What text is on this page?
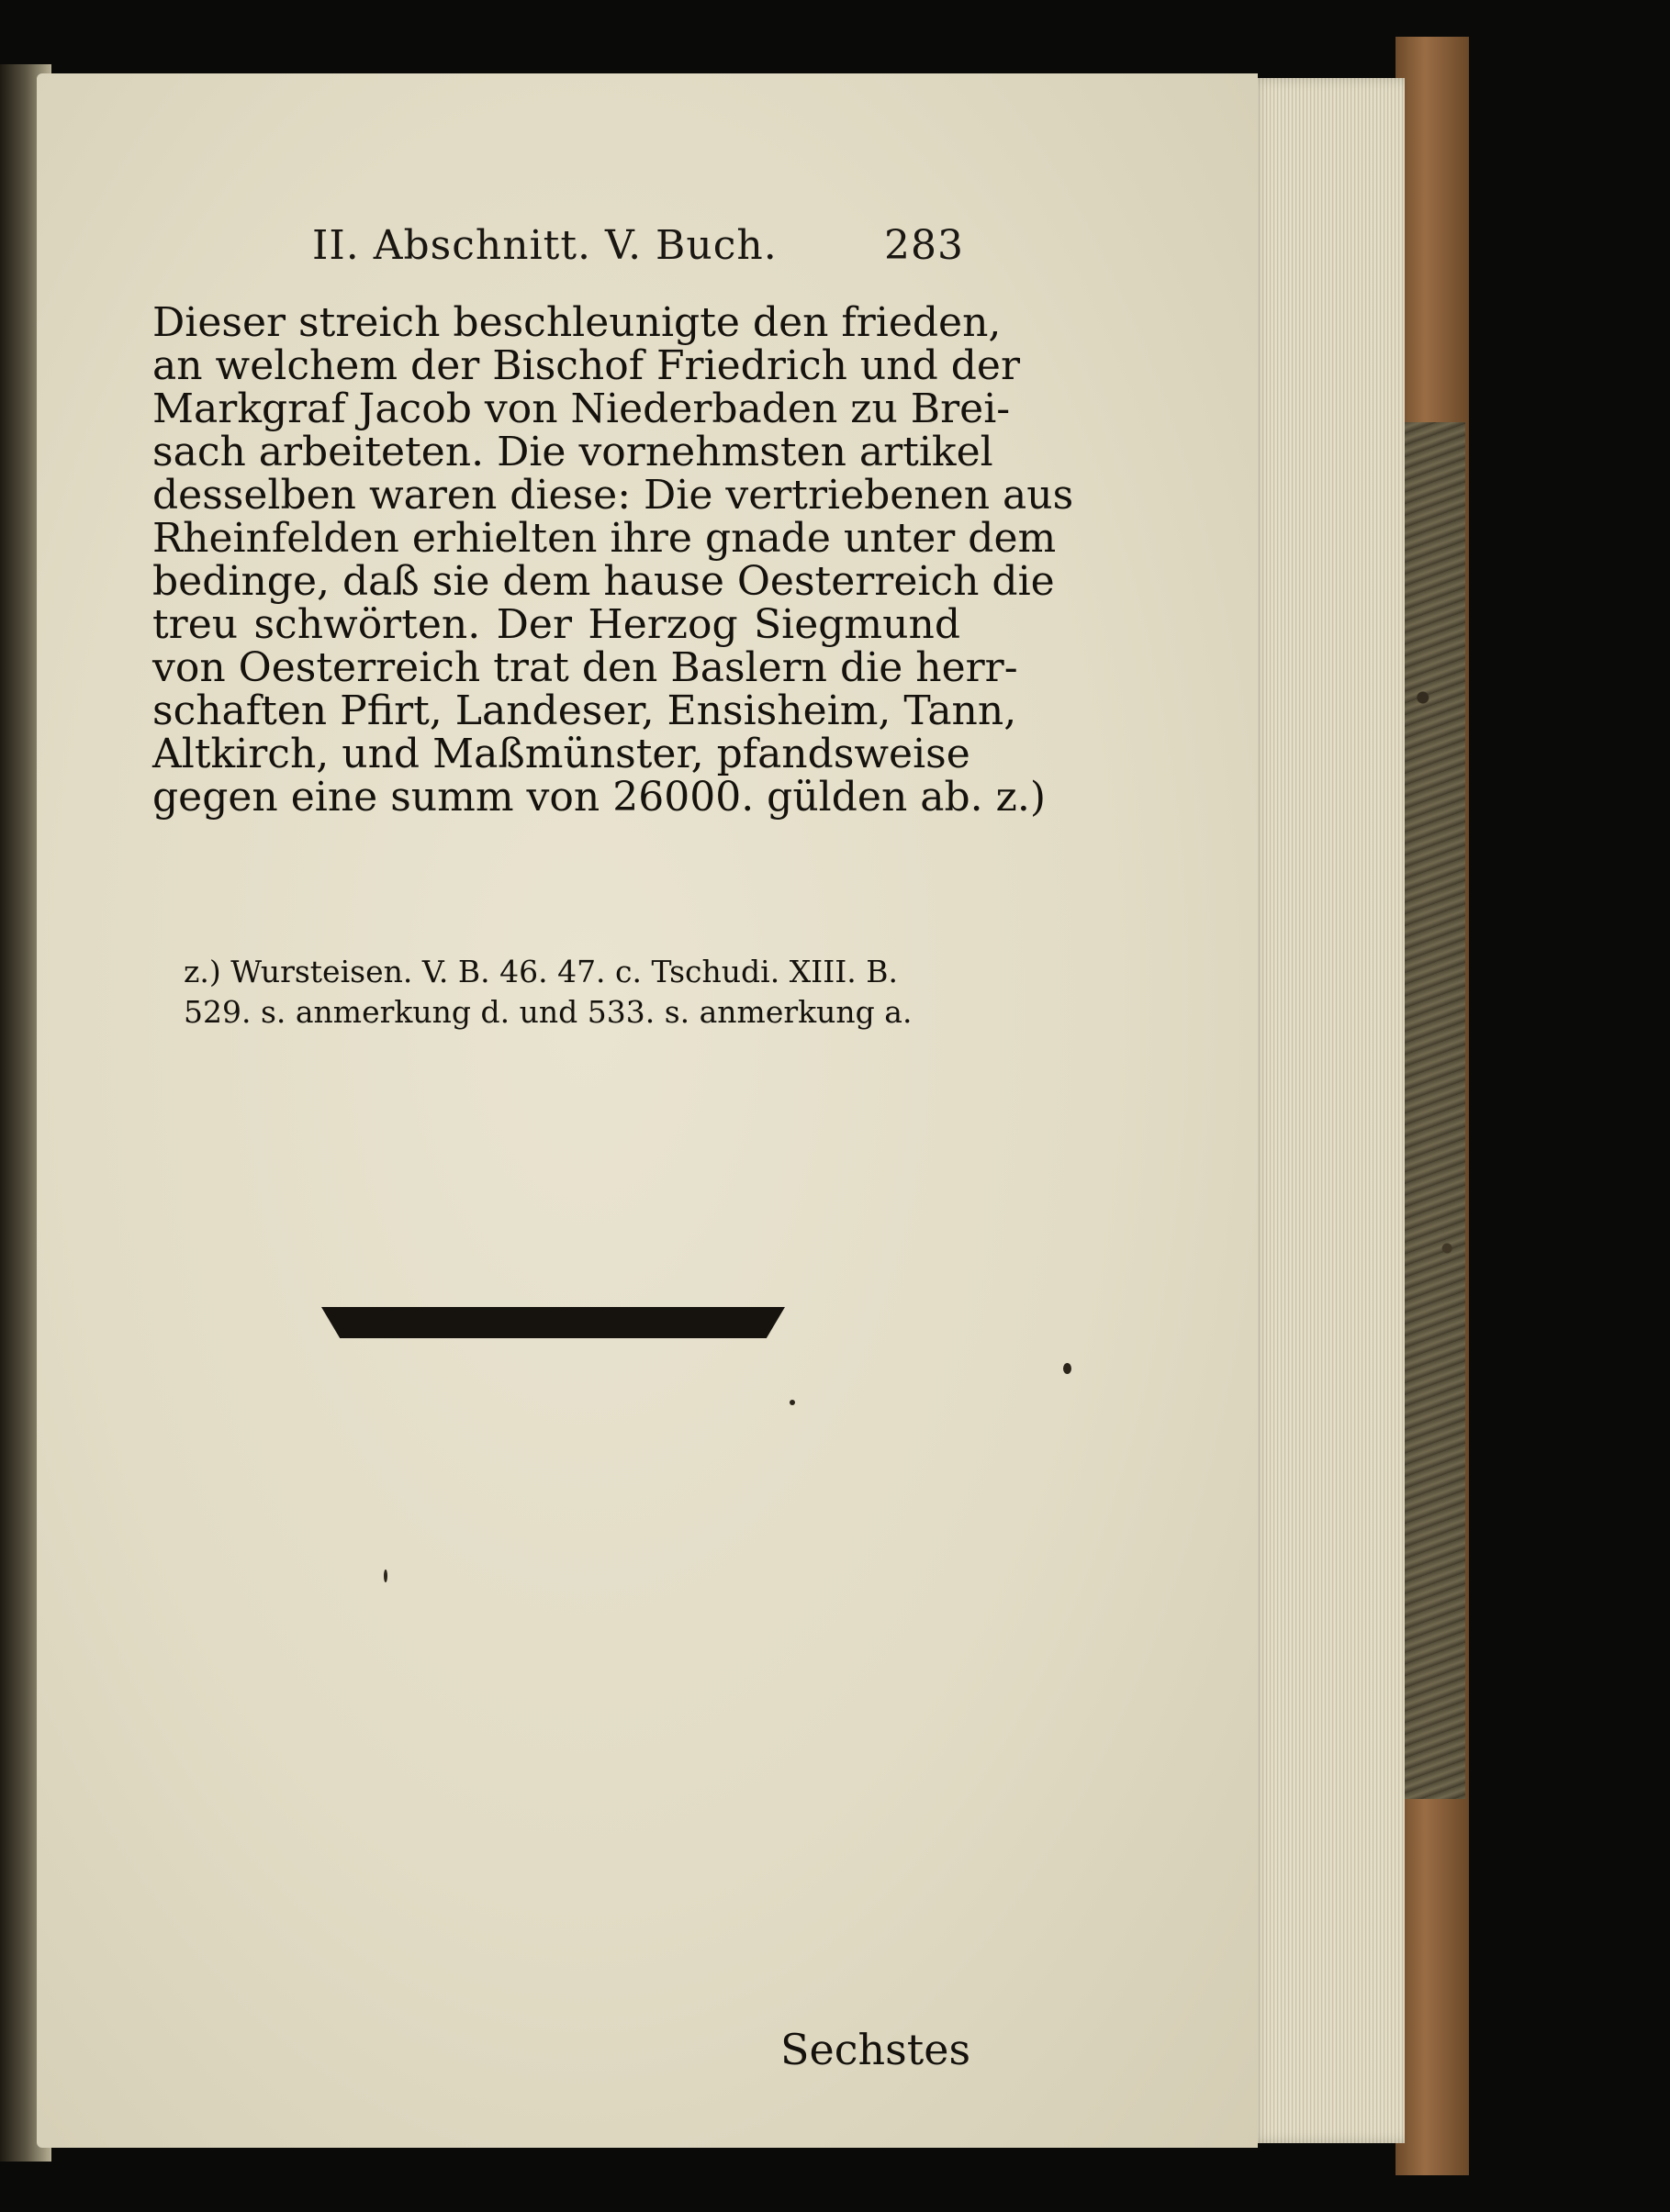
II. Abschnitt. V. Buch.	283
Dieser streich beschleunigte den frieden,
an welchem der Bischof Friedrich und der
Markgraf Jacob von Niederbaden zu Brei-
sach arbeiteten. Die vornehmsten artikel
desselben waren diese: Die vertriebenen aus
Rheinfelden erhielten ihre gnade unter dem
bedinge, daß sie dem hause Oesterreich die
treu schwörten. Der Herzog Siegmund
von Oesterreich trat den Baslern die herr-
schaften Pfirt, Landeser, Ensisheim, Tann,
Altkirch, und Maßmünster, pfandsweise
gegen eine summ von 26000. gülden ab. z.)
z.) Wursteisen. V. B. 46. 47. c. Tschudi. XIII. B.
529. s. anmerkung d. und 533. s. anmerkung a.
Sechstes
